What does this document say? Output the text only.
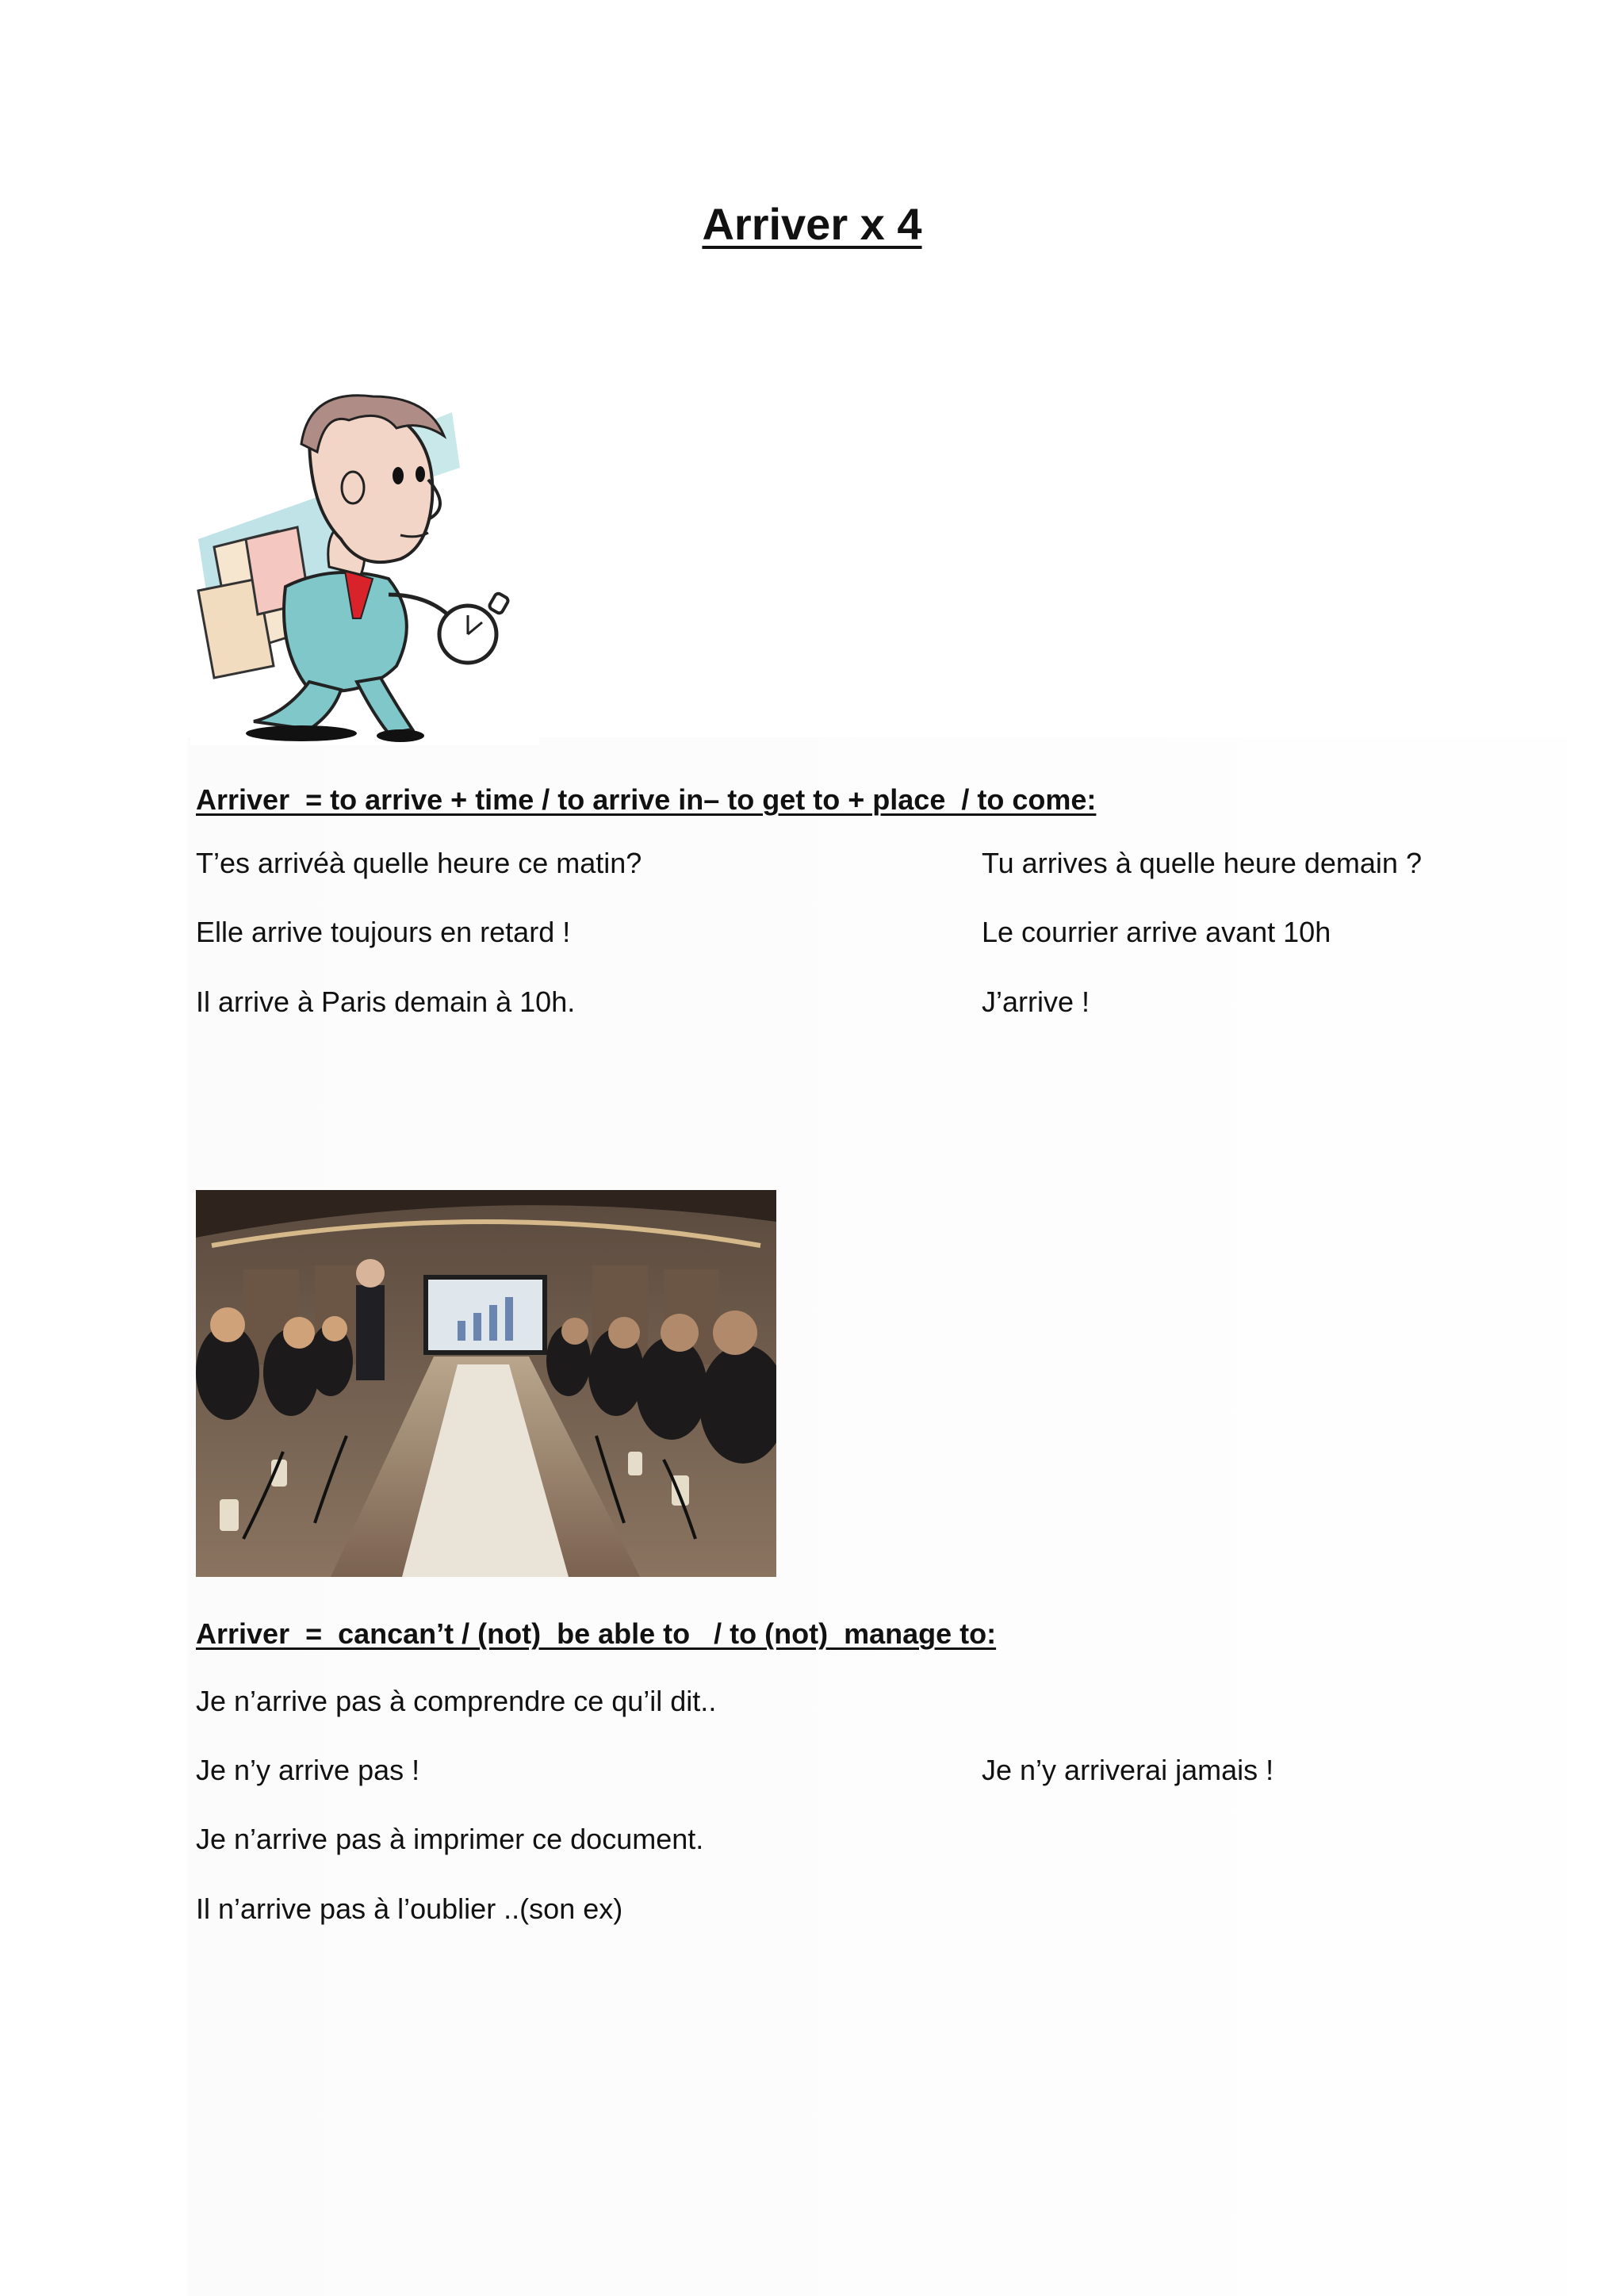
Arriver x 4
Arriver  = to arrive + time / to arrive in– to get to + place  / to come:
T’es arrivéà quelle heure ce matin?
Elle arrive toujours en retard !
Il arrive à Paris demain à 10h.
Tu arrives à quelle heure demain ?
Le courrier arrive avant 10h
J’arrive !
Arriver  =  cancan’t / (not)  be able to   / to (not)  manage to:
Je n’arrive pas à comprendre ce qu’il dit..
Je n’y arrive pas !	Je n’y arriverai jamais !
Je n’arrive pas à imprimer ce document.
Il n’arrive pas à l’oublier ..(son ex)
